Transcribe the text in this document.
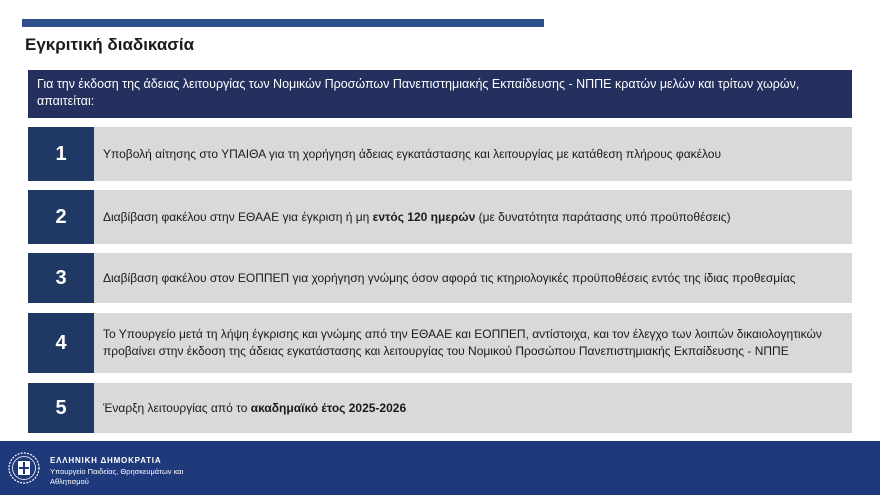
Εγκριτική διαδικασία
Για την έκδοση της άδειας λειτουργίας των Νομικών Προσώπων Πανεπιστημιακής Εκπαίδευσης - ΝΠΠΕ κρατών μελών και τρίτων χωρών, απαιτείται:
1	Υποβολή αίτησης στο ΥΠΑΙΘΑ για τη χορήγηση άδειας εγκατάστασης και λειτουργίας με κατάθεση πλήρους φακέλου
2	Διαβίβαση φακέλου στην ΕΘΑΑΕ για έγκριση ή μη εντός 120 ημερών (με δυνατότητα παράτασης υπό προϋποθέσεις)
3	Διαβίβαση φακέλου στον ΕΟΠΠΕΠ για χορήγηση γνώμης όσον αφορά τις κτηριολογικές προϋποθέσεις εντός της ίδιας προθεσμίας
4	Το Υπουργείο μετά τη λήψη έγκρισης και γνώμης από την ΕΘΑΑΕ και ΕΟΠΠΕΠ, αντίστοιχα, και τον έλεγχο των λοιπών δικαιολογητικών προβαίνει στην έκδοση της άδειας εγκατάστασης και λειτουργίας του Νομικού Προσώπου Πανεπιστημιακής Εκπαίδευσης - ΝΠΠΕ
5	Έναρξη λειτουργίας από το ακαδημαϊκό έτος 2025-2026
ΕΛΛΗΝΙΚΗ ΔΗΜΟΚΡΑΤΙΑ
Υπουργείο Παιδείας, Θρησκευμάτων και Αθλητισμού
